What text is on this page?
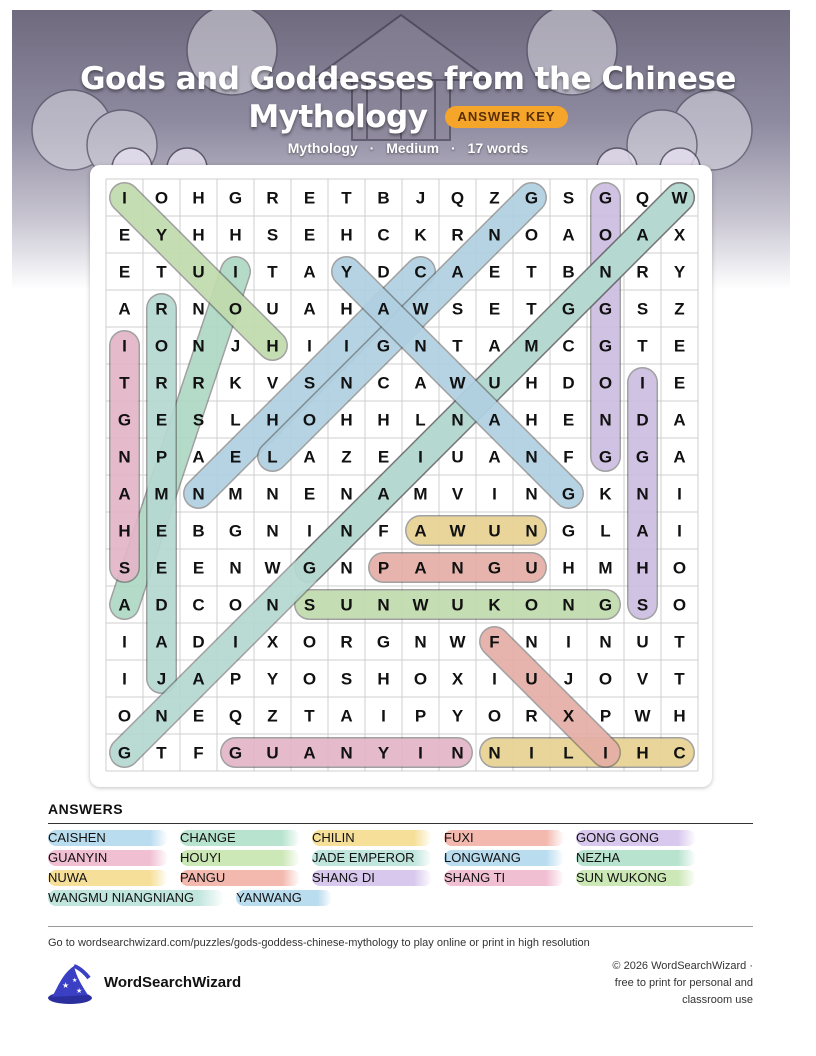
Gods and Goddesses from the Chinese
Mythology	ANSWER KEY
Mythology · Medium · 17 words
I O H G R E T B J Q Z G S G Q W
E Y H H S E H C K R N O A O A X
E T U I T A Y D C A E T B N R Y
A R N O U A H A W S E T G G S Z
I O N J H I I G N T A M C G T E
T R R K V S N C A W U H D O I E
G E S L H O H H L N A H E N D A
N P A E L A Z E I U A N F G G A
A M N M N E N A M V I N G K N I
H E B G N I N F A W U N G L A I
S E E N W G N P A N G U H M H O
A D C O N S U N W U K O N G S O
I A D I X O R G N W F N I N U T
I J A P Y O S H O X I U J O V T
O N E Q Z T A I P Y O R X P W H
G T F G U A N Y I N N I L I H C
ANSWERS
CAISHEN	CHANGE	CHILIN	FUXI	GONG GONG
GUANYIN	HOUYI	JADE EMPEROR	LONGWANG	NEZHA
NUWA	PANGU	SHANG DI	SHANG TI	SUN WUKONG
WANGMU NIANGNIANG	YANWANG
Go to wordsearchwizard.com/puzzles/gods-goddess-chinese-mythology to play online or print in high resolution
★ ★
★
WordSearchWizard
© 2026 WordSearchWizard ·
free to print for personal and
classroom use
